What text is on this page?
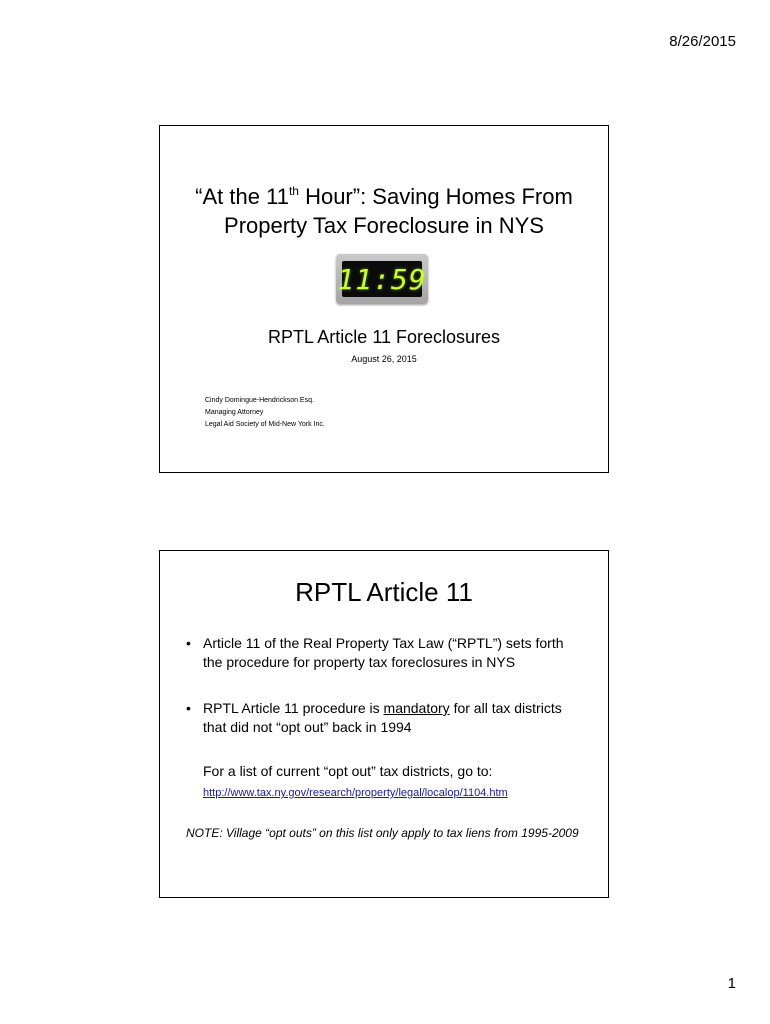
8/26/2015
“At the 11th Hour”: Saving Homes From
Property Tax Foreclosure in NYS
11:59
RPTL Article 11 Foreclosures
August 26, 2015
Cindy Domingue-Hendrickson Esq.
Managing Attorney
Legal Aid Society of Mid-New York Inc.
RPTL Article 11
• Article 11 of the Real Property Tax Law (“RPTL”) sets forth the procedure for property tax foreclosures in NYS
• RPTL Article 11 procedure is mandatory for all tax districts that did not “opt out” back in 1994
For a list of current “opt out” tax districts, go to:
http://www.tax.ny.gov/research/property/legal/localop/1104.htm
NOTE: Village “opt outs” on this list only apply to tax liens from 1995-2009
1
